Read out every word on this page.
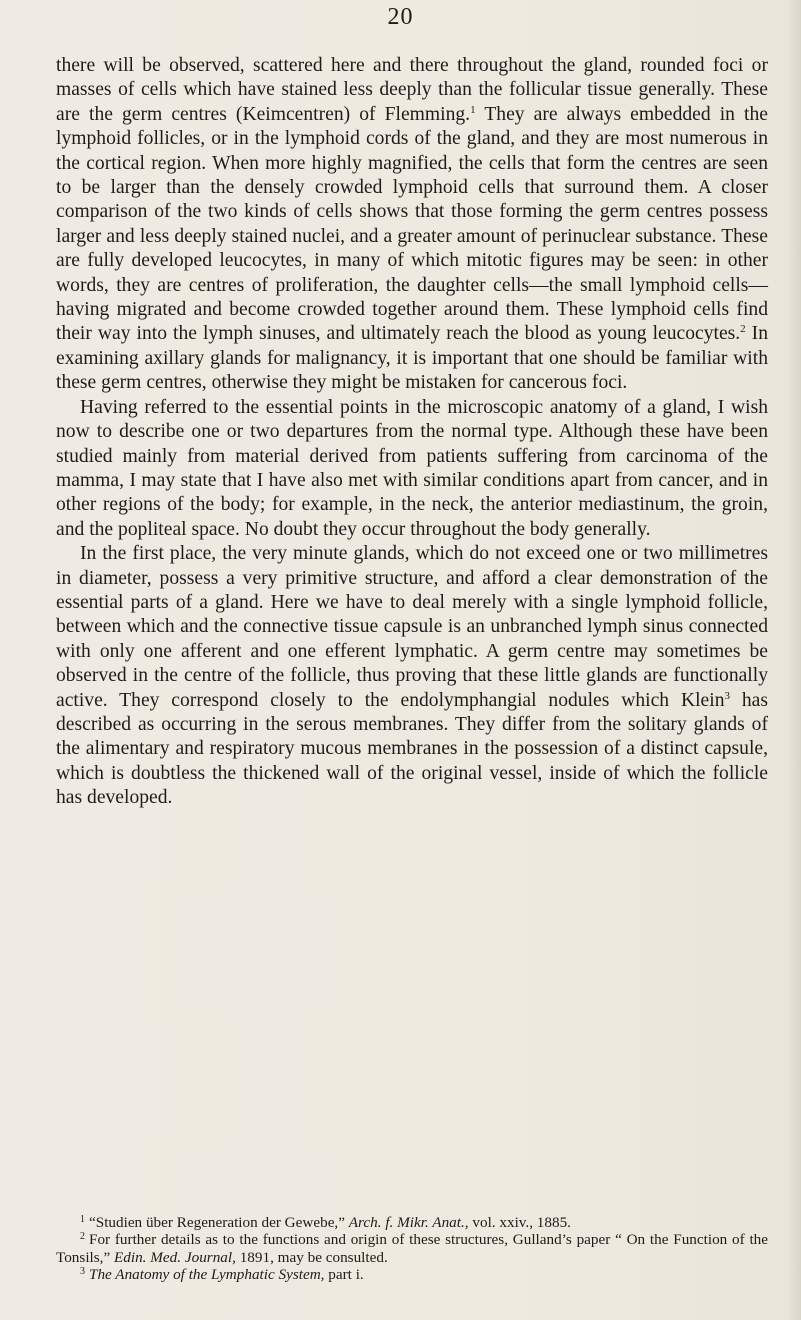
20

there will be observed, scattered here and there throughout the gland, rounded foci or masses of cells which have stained less deeply than the follicular tissue generally. These are the germ centres (Keimcentren) of Flemming.$^1$ They are always embedded in the lymphoid follicles, or in the lymphoid cords of the gland, and they are most numerous in the cortical region. When more highly magnified, the cells that form the centres are seen to be larger than the densely crowded lymphoid cells that surround them. A closer comparison of the two kinds of cells shows that those forming the germ centres possess larger and less deeply stained nuclei, and a greater amount of perinuclear substance. These are fully developed leucocytes, in many of which mitotic figures may be seen: in other words, they are centres of proliferation, the daughter cells—the small lymphoid cells—having migrated and become crowded together around them. These lymphoid cells find their way into the lymph sinuses, and ultimately reach the blood as young leucocytes.$^2$ In examining axillary glands for malignancy, it is important that one should be familiar with these germ centres, otherwise they might be mistaken for cancerous foci.

Having referred to the essential points in the microscopic anatomy of a gland, I wish now to describe one or two departures from the normal type. Although these have been studied mainly from material derived from patients suffering from carcinoma of the mamma, I may state that I have also met with similar conditions apart from cancer, and in other regions of the body; for example, in the neck, the anterior mediastinum, the groin, and the popliteal space. No doubt they occur throughout the body generally.

In the first place, the very minute glands, which do not exceed one or two millimetres in diameter, possess a very primitive structure, and afford a clear demonstration of the essential parts of a gland. Here we have to deal merely with a single lymphoid follicle, between which and the connective tissue capsule is an unbranched lymph sinus connected with only one afferent and one efferent lymphatic. A germ centre may sometimes be observed in the centre of the follicle, thus proving that these little glands are functionally active. They correspond closely to the endolymphangial nodules which Klein$^3$ has described as occurring in the serous membranes. They differ from the solitary glands of the alimentary and respiratory mucous membranes in the possession of a distinct capsule, which is doubtless the thickened wall of the original vessel, inside of which the follicle has developed.

$^1$ “Studien über Regeneration der Gewebe,” Arch. f. Mikr. Anat., vol. xxiv., 1885.

$^2$ For further details as to the functions and origin of these structures, Gulland’s paper “ On the Function of the Tonsils,” Edin. Med. Journal, 1891, may be consulted.

$^3$ The Anatomy of the Lymphatic System, part i.
